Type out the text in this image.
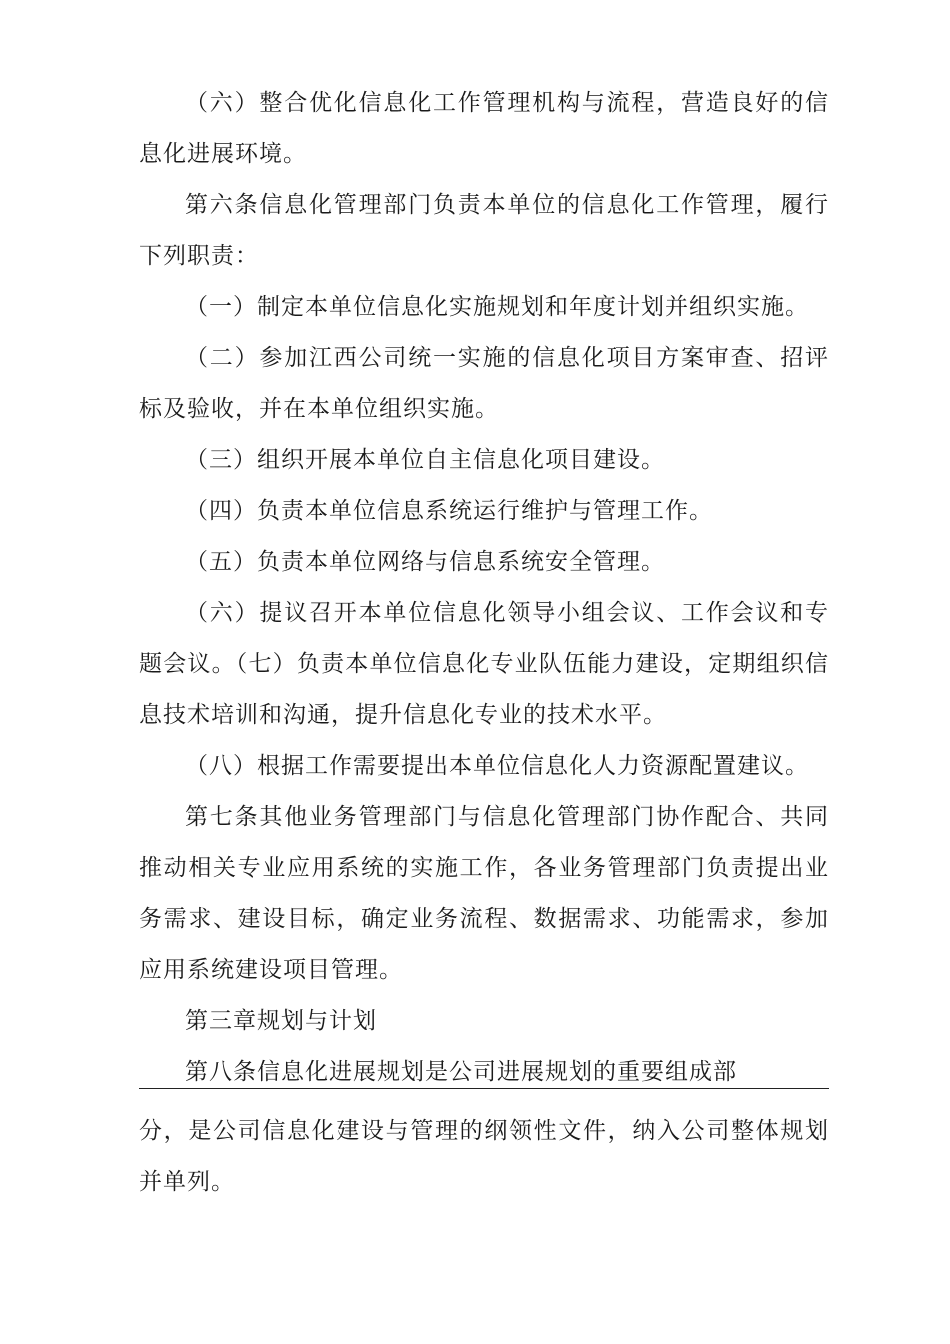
（六）整合优化信息化工作管理机构与流程，营造良好的信息化进展环境。

第六条信息化管理部门负责本单位的信息化工作管理，履行下列职责：

（一）制定本单位信息化实施规划和年度计划并组织实施。

（二）参加江西公司统一实施的信息化项目方案审查、招评标及验收，并在本单位组织实施。

（三）组织开展本单位自主信息化项目建设。

（四）负责本单位信息系统运行维护与管理工作。

（五）负责本单位网络与信息系统安全管理。

（六）提议召开本单位信息化领导小组会议、工作会议和专题会议。（七）负责本单位信息化专业队伍能力建设，定期组织信息技术培训和沟通，提升信息化专业的技术水平。

（八）根据工作需要提出本单位信息化人力资源配置建议。

第七条其他业务管理部门与信息化管理部门协作配合、共同推动相关专业应用系统的实施工作，各业务管理部门负责提出业务需求、建设目标，确定业务流程、数据需求、功能需求，参加应用系统建设项目管理。

第三章规划与计划

第八条信息化进展规划是公司进展规划的重要组成部

分，是公司信息化建设与管理的纲领性文件，纳入公司整体规划并单列。
